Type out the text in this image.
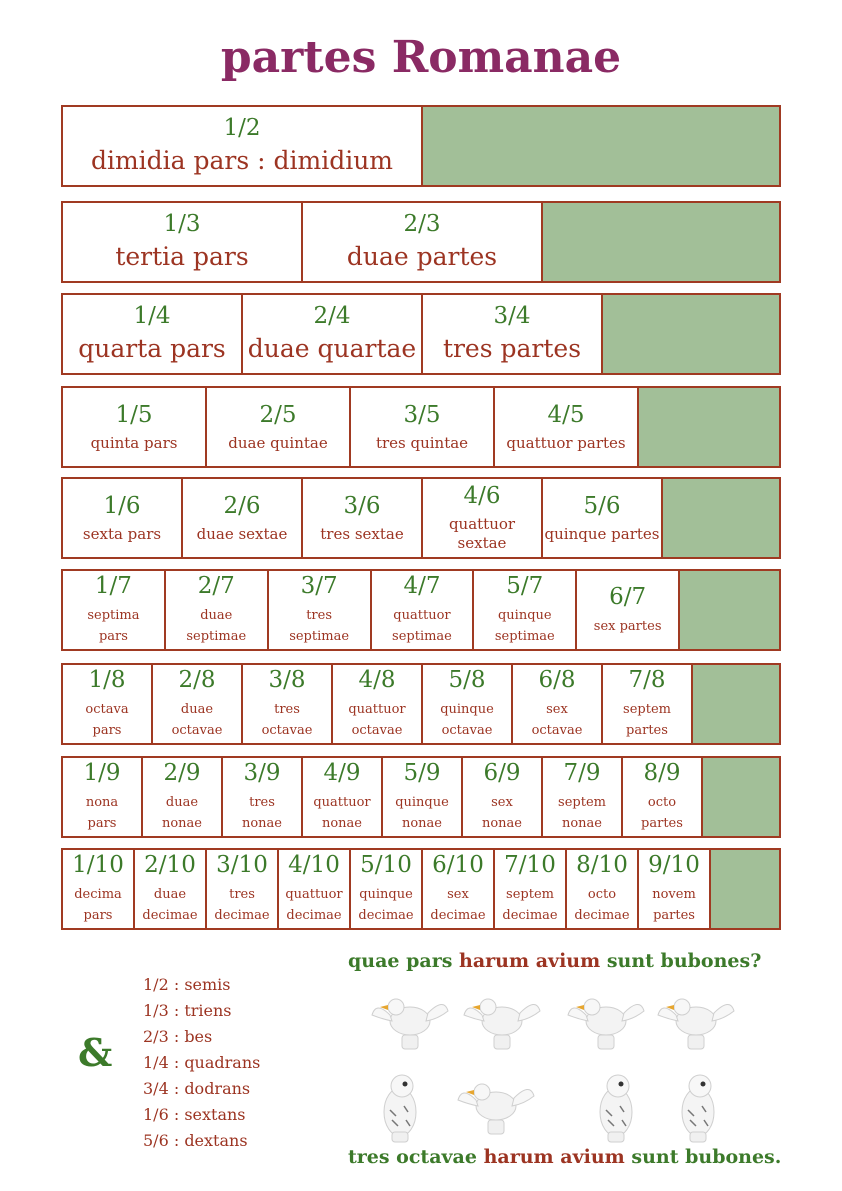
partes Romanae
1/2
dimidia pars : dimidium
1/3
tertia pars
2/3
duae partes
1/4
quarta pars
2/4
duae quartae
3/4
tres partes
1/5
quinta pars
2/5
duae quintae
3/5
tres quintae
4/5
quattuor partes
1/6
sexta pars
2/6
duae sextae
3/6
tres sextae
4/6
quattuor sextae
5/6
quinque partes
1/7
septima pars
2/7
duae septimae
3/7
tres septimae
4/7
quattuor septimae
5/7
quinque septimae
6/7
sex partes
1/8
octava pars
2/8
duae octavae
3/8
tres octavae
4/8
quattuor octavae
5/8
quinque octavae
6/8
sex octavae
7/8
septem partes
1/9
nona pars
2/9
duae nonae
3/9
tres nonae
4/9
quattuor nonae
5/9
quinque nonae
6/9
sex nonae
7/9
septem nonae
8/9
octo partes
1/10
decima pars
2/10
duae decimae
3/10
tres decimae
4/10
quattuor decimae
5/10
quinque decimae
6/10
sex decimae
7/10
septem decimae
8/10
octo decimae
9/10
novem partes
1/2 : semis
1/3 : triens
2/3 : bes
1/4 : quadrans
3/4 : dodrans
1/6 : sextans
5/6 : dextans
&
quae pars harum avium sunt bubones?
tres octavae harum avium sunt bubones.
